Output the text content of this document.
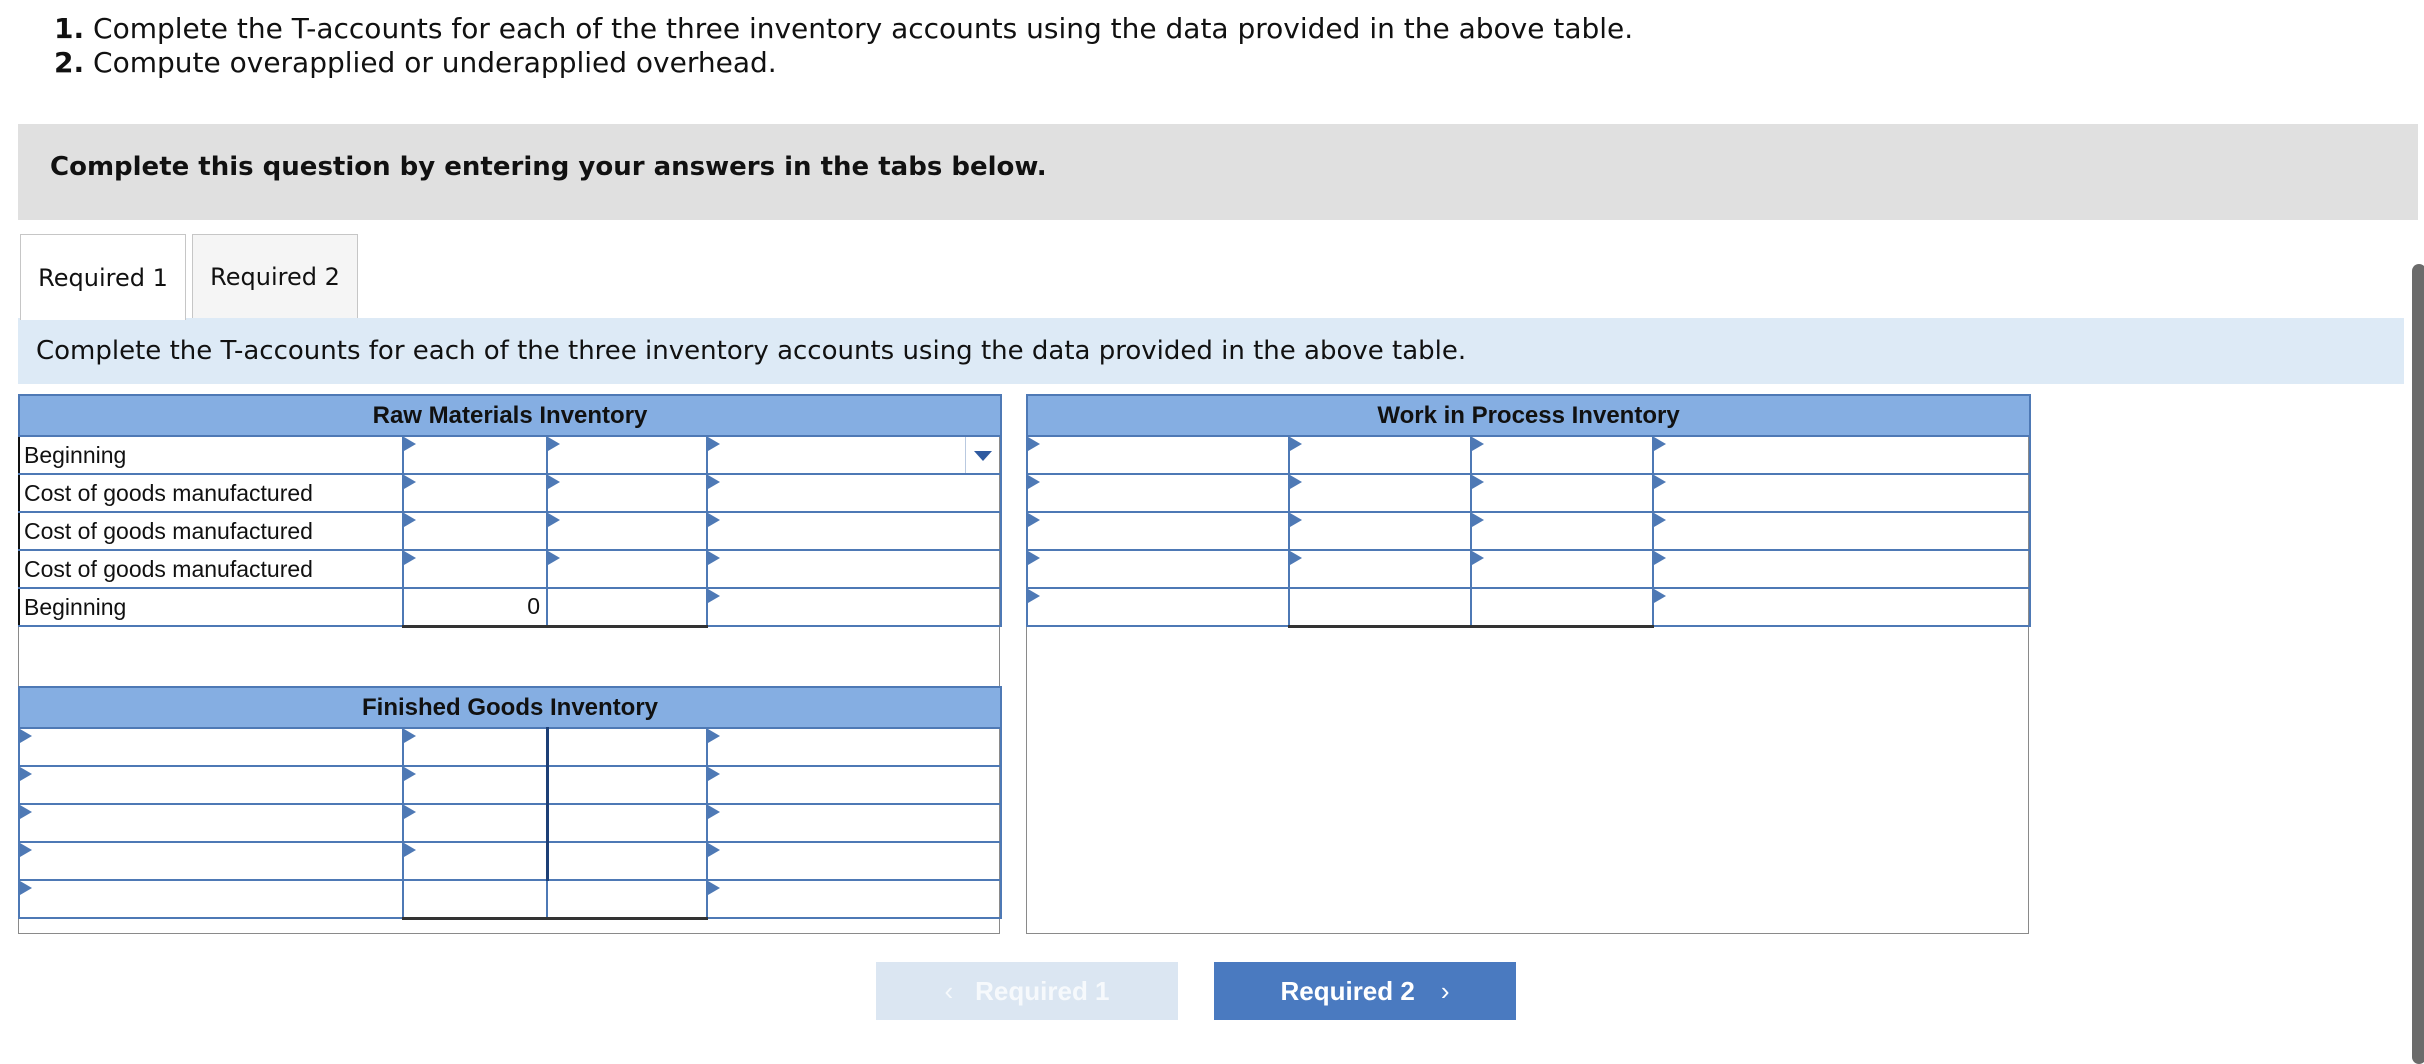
1. Complete the T-accounts for each of the three inventory accounts using the data provided in the above table.
2. Compute overapplied or underapplied overhead.
Complete this question by entering your answers in the tabs below.
Required 1 Required 2
Complete the T-accounts for each of the three inventory accounts using the data provided in the above table.
Raw Materials Inventory			
Beginning			

Cost of goods manufactured			
Cost of goods manufactured			
Cost of goods manufactured			
Beginning	0		
Work in Process Inventory			

Finished Goods Inventory			

‹ Required 1	Required 2 ›
